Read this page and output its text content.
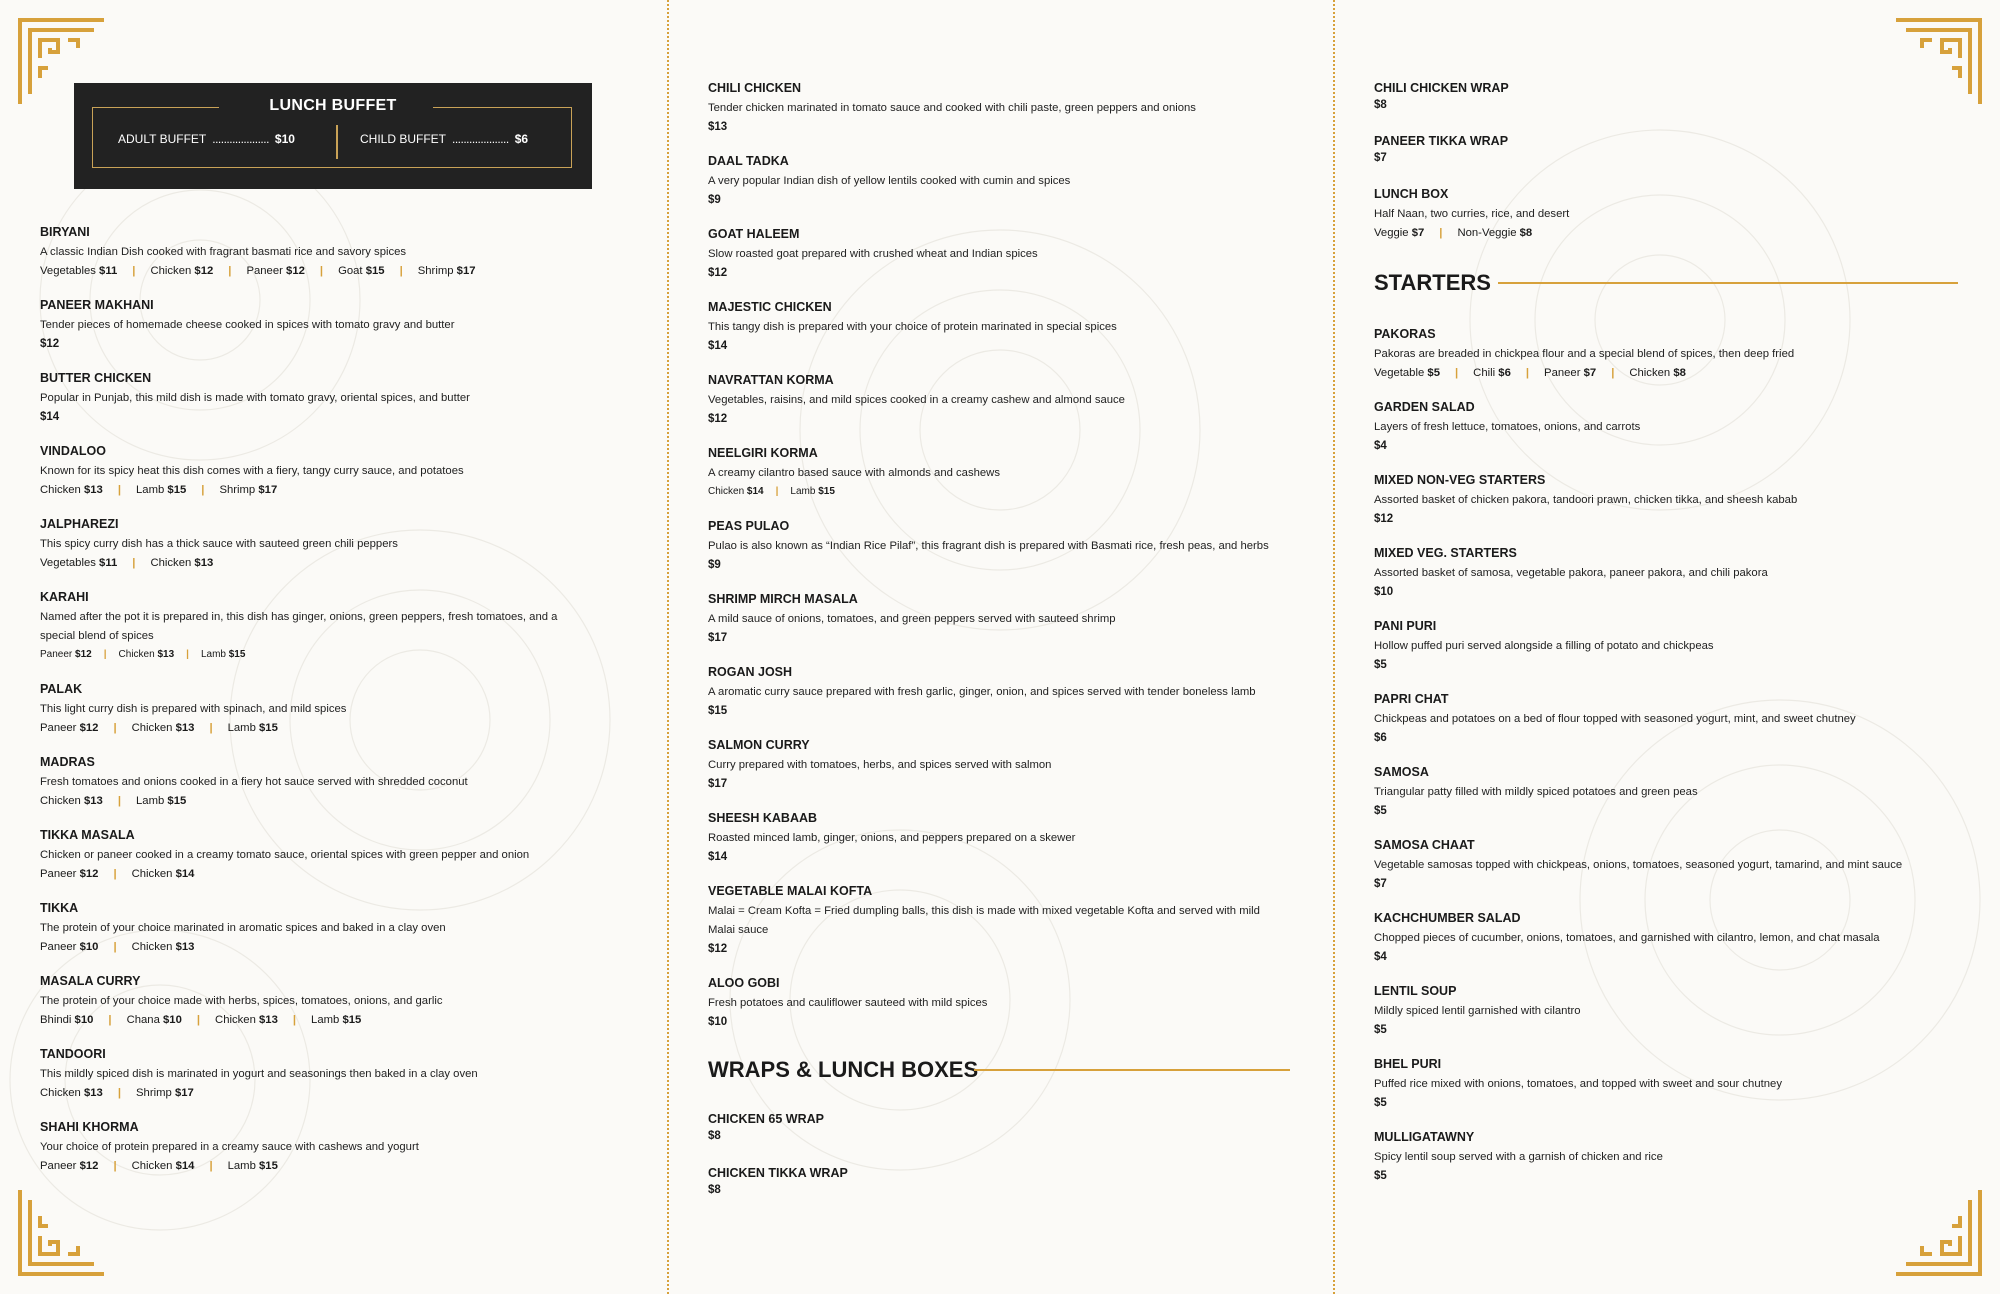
LUNCH BUFFET
ADULT BUFFET .................... $10	CHILD BUFFET .................... $6
BIRYANI
A classic Indian Dish cooked with fragrant basmati rice and savory spices
Vegetables $11 | Chicken $12 | Paneer $12 | Goat $15 | Shrimp $17
PANEER MAKHANI
Tender pieces of homemade cheese cooked in spices with tomato gravy and butter
$12
BUTTER CHICKEN
Popular in Punjab, this mild dish is made with tomato gravy, oriental spices, and butter
$14
VINDALOO
Known for its spicy heat this dish comes with a fiery, tangy curry sauce, and potatoes
Chicken $13 | Lamb $15 | Shrimp $17
JALPHAREZI
This spicy curry dish has a thick sauce with sauteed green chili peppers
Vegetables $11 | Chicken $13
KARAHI
Named after the pot it is prepared in, this dish has ginger, onions, green peppers, fresh tomatoes, and a special blend of spices
Paneer $12 | Chicken $13 | Lamb $15
PALAK
This light curry dish is prepared with spinach, and mild spices
Paneer $12 | Chicken $13 | Lamb $15
MADRAS
Fresh tomatoes and onions cooked in a fiery hot sauce served with shredded coconut
Chicken $13 | Lamb $15
TIKKA MASALA
Chicken or paneer cooked in a creamy tomato sauce, oriental spices with green pepper and onion
Paneer $12 | Chicken $14
TIKKA
The protein of your choice marinated in aromatic spices and baked in a clay oven
Paneer $10 | Chicken $13
MASALA CURRY
The protein of your choice made with herbs, spices, tomatoes, onions, and garlic
Bhindi $10 | Chana $10 | Chicken $13 | Lamb $15
TANDOORI
This mildly spiced dish is marinated in yogurt and seasonings then baked in a clay oven
Chicken $13 | Shrimp $17
SHAHI KHORMA
Your choice of protein prepared in a creamy sauce with cashews and yogurt
Paneer $12 | Chicken $14 | Lamb $15
CHILI CHICKEN
Tender chicken marinated in tomato sauce and cooked with chili paste, green peppers and onions
$13
DAAL TADKA
A very popular Indian dish of yellow lentils cooked with cumin and spices
$9
GOAT HALEEM
Slow roasted goat prepared with crushed wheat and Indian spices
$12
MAJESTIC CHICKEN
This tangy dish is prepared with your choice of protein marinated in special spices
$14
NAVRATTAN KORMA
Vegetables, raisins, and mild spices cooked in a creamy cashew and almond sauce
$12
NEELGIRI KORMA
A creamy cilantro based sauce with almonds and cashews
Chicken $14 | Lamb $15
PEAS PULAO
Pulao is also known as “Indian Rice Pilaf”, this fragrant dish is prepared with Basmati rice, fresh peas, and herbs
$9
SHRIMP MIRCH MASALA
A mild sauce of onions, tomatoes, and green peppers served with sauteed shrimp
$17
ROGAN JOSH
A aromatic curry sauce prepared with fresh garlic, ginger, onion, and spices served with tender boneless lamb
$15
SALMON CURRY
Curry prepared with tomatoes, herbs, and spices served with salmon
$17
SHEESH KABAAB
Roasted minced lamb, ginger, onions, and peppers prepared on a skewer
$14
VEGETABLE MALAI KOFTA
Malai = Cream Kofta = Fried dumpling balls, this dish is made with mixed vegetable Kofta and served with mild Malai sauce
$12
ALOO GOBI
Fresh potatoes and cauliflower sauteed with mild spices
$10
WRAPS & LUNCH BOXES
CHICKEN 65 WRAP
$8
CHICKEN TIKKA WRAP
$8
CHILI CHICKEN WRAP
$8
PANEER TIKKA WRAP
$7
LUNCH BOX
Half Naan, two curries, rice, and desert
Veggie $7 | Non-Veggie $8
STARTERS
PAKORAS
Pakoras are breaded in chickpea flour and a special blend of spices, then deep fried
Vegetable $5 | Chili $6 | Paneer $7 | Chicken $8
GARDEN SALAD
Layers of fresh lettuce, tomatoes, onions, and carrots
$4
MIXED NON-VEG STARTERS
Assorted basket of chicken pakora, tandoori prawn, chicken tikka, and sheesh kabab
$12
MIXED VEG. STARTERS
Assorted basket of samosa, vegetable pakora, paneer pakora, and chili pakora
$10
PANI PURI
Hollow puffed puri served alongside a filling of potato and chickpeas
$5
PAPRI CHAT
Chickpeas and potatoes on a bed of flour topped with seasoned yogurt, mint, and sweet chutney
$6
SAMOSA
Triangular patty filled with mildly spiced potatoes and green peas
$5
SAMOSA CHAAT
Vegetable samosas topped with chickpeas, onions, tomatoes, seasoned yogurt, tamarind, and mint sauce
$7
KACHCHUMBER SALAD
Chopped pieces of cucumber, onions, tomatoes, and garnished with cilantro, lemon, and chat masala
$4
LENTIL SOUP
Mildly spiced lentil garnished with cilantro
$5
BHEL PURI
Puffed rice mixed with onions, tomatoes, and topped with sweet and sour chutney
$5
MULLIGATAWNY
Spicy lentil soup served with a garnish of chicken and rice
$5
